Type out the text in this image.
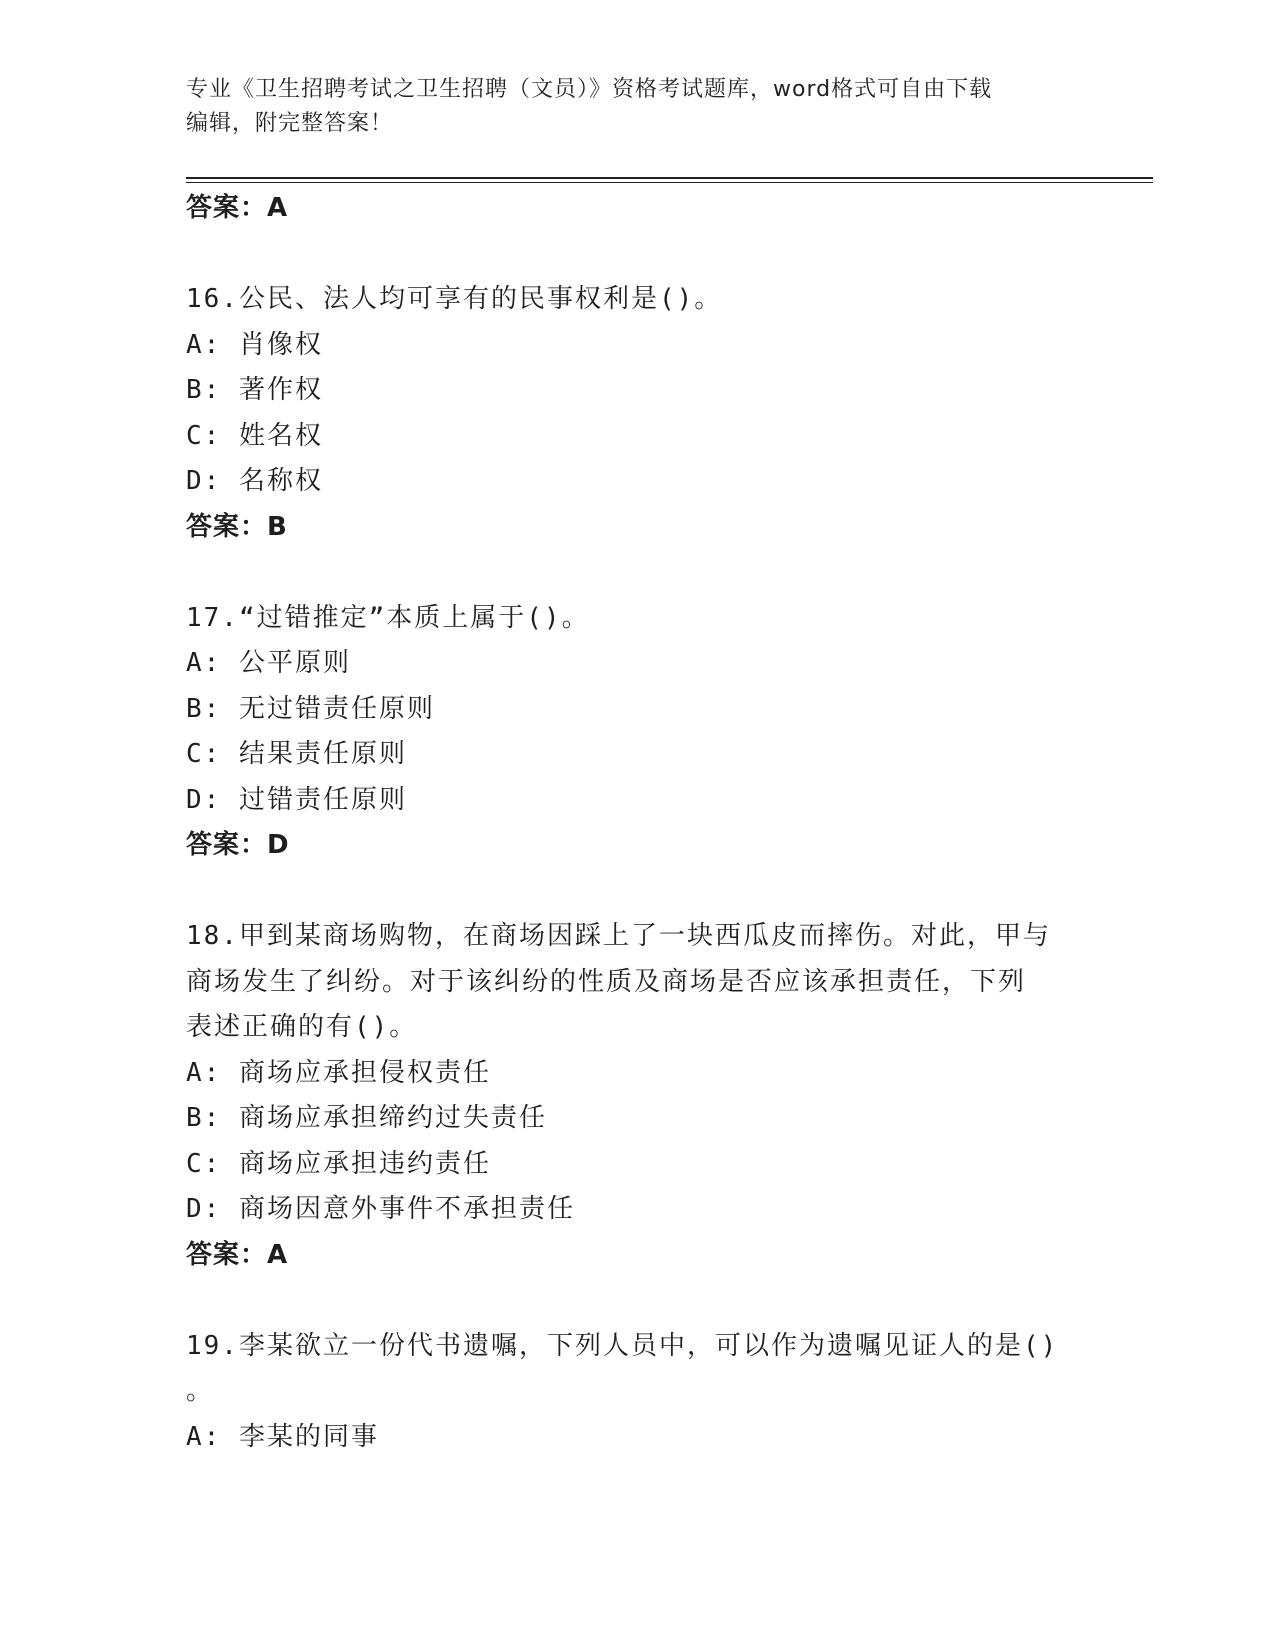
专业《卫生招聘考试之卫生招聘（文员）》资格考试题库，word格式可自由下载
编辑，附完整答案！
答案：A
16.公民、法人均可享有的民事权利是()。
A: 肖像权
B: 著作权
C: 姓名权
D: 名称权
答案：B
17.“过错推定”本质上属于()。
A: 公平原则
B: 无过错责任原则
C: 结果责任原则
D: 过错责任原则
答案：D
18.甲到某商场购物，在商场因踩上了一块西瓜皮而摔伤。对此，甲与
商场发生了纠纷。对于该纠纷的性质及商场是否应该承担责任，下列
表述正确的有()。
A: 商场应承担侵权责任
B: 商场应承担缔约过失责任
C: 商场应承担违约责任
D: 商场因意外事件不承担责任
答案：A
19.李某欲立一份代书遗嘱，下列人员中，可以作为遗嘱见证人的是()
。
A: 李某的同事
